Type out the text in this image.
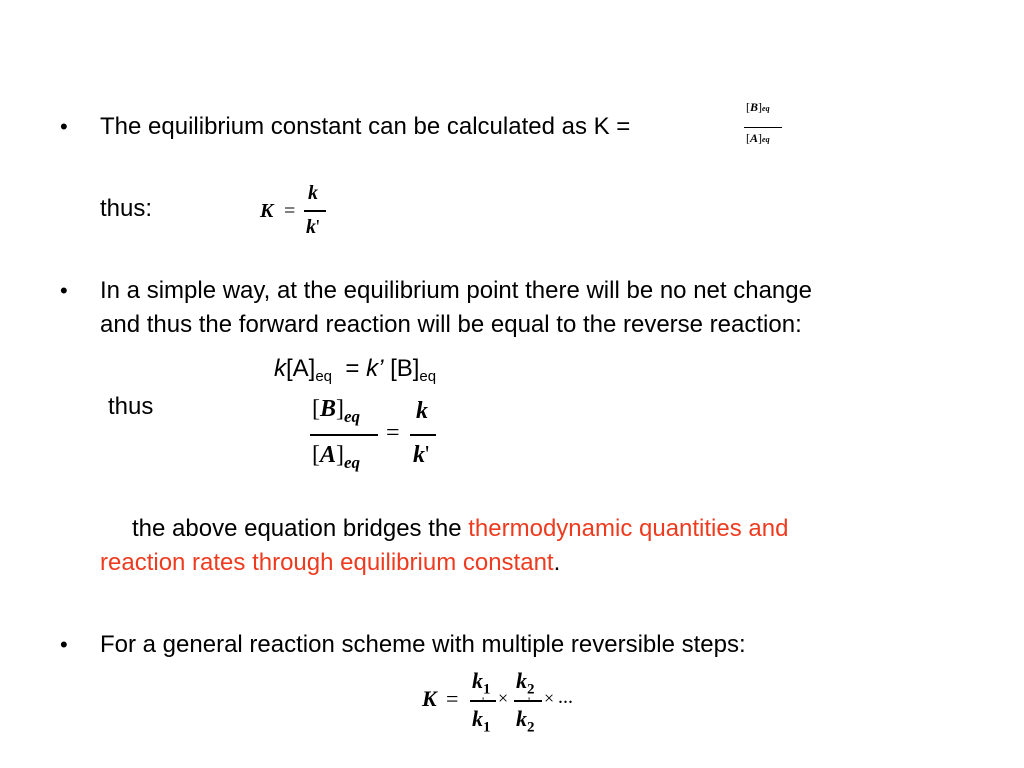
• The equilibrium constant can be calculated as K =
[B]eq
[A]eq
thus:	K =
k
k'
• In a simple way, at the equilibrium point there will be no net change
and thus the forward reaction will be equal to the reverse reaction:
$k[A]_{eq} = k$’ $[B]_{eq}$
thus	$[B]_{eq}$
$[A]_{eq}$
=
k
k'
the above equation bridges the thermodynamic quantities and
reaction rates through equilibrium constant.
• For a general reaction scheme with multiple reversible steps:
K =
$k_1$
'
$k_1$
×
$k_2$
'
$k_2$
× ...
